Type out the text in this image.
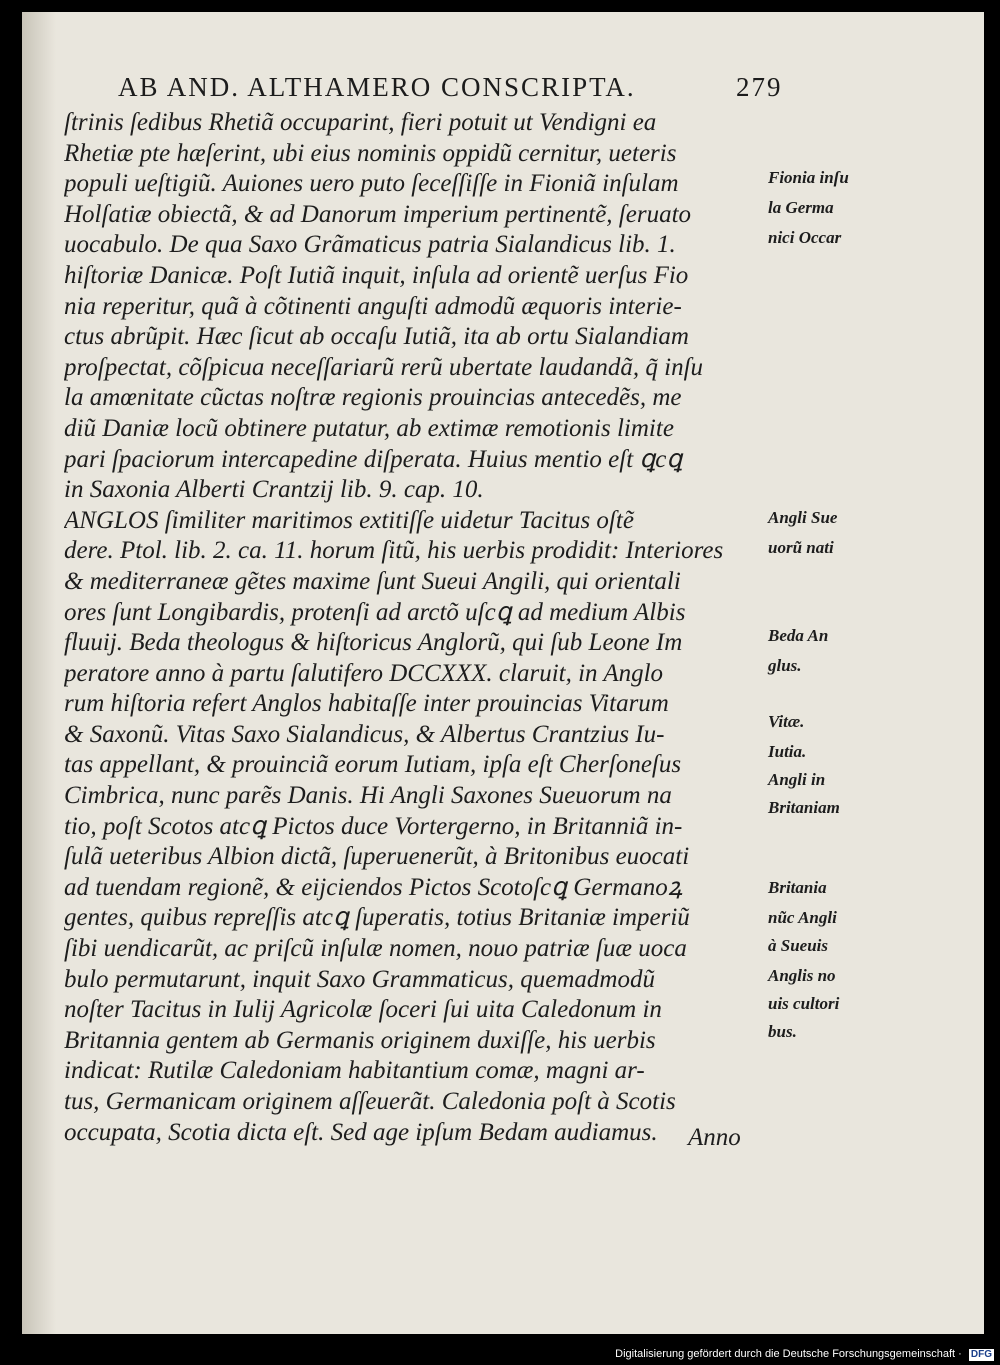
AB AND. ALTHAMERO CONSCRIPTA.	279
ſtrinis ſedibus Rhetiã occuparint, fieri potuit ut Vendigni ea
Rhetiæ pte hæſerint, ubi eius nominis oppidũ cernitur, ueteris
populi ueſtigiũ. Auiones uero puto ſeceſſiſſe in Fioniã inſulam
Holſatiæ obiectã, & ad Danorum imperium pertinentẽ, ſeruato
uocabulo. De qua Saxo Grãmaticus patria Sialandicus lib. 1.
hiſtoriæ Danicæ. Poſt Iutiã inquit, inſula ad orientẽ uerſus Fio
nia reperitur, quã à cõtinenti anguſti admodũ æquoris interie-
ctus abrũpit. Hæc ſicut ab occaſu Iutiã, ita ab ortu Sialandiam
proſpectat, cõſpicua neceſſariarũ rerũ ubertate laudandã, q̃ inſu
la amœnitate cũctas noſtræ regionis prouincias antecedẽs, me
diũ Daniæ locũ obtinere putatur, ab extimæ remotionis limite
pari ſpaciorum intercapedine diſperata. Huius mentio eſt ꝗcꝗ
in Saxonia Alberti Crantzij lib. 9. cap. 10.
ANGLOS ſimiliter maritimos extitiſſe uidetur Tacitus oſtẽ
dere. Ptol. lib. 2. ca. 11. horum ſitũ, his uerbis prodidit: Interiores
& mediterraneæ gẽtes maxime ſunt Sueui Angili, qui orientali
ores ſunt Longibardis, protenſi ad arctõ uſcꝗ ad medium Albis
fluuij. Beda theologus & hiſtoricus Anglorũ, qui ſub Leone Im
peratore anno à partu ſalutifero DCCXXX. claruit, in Anglo
rum hiſtoria refert Anglos habitaſſe inter prouincias Vitarum
& Saxonũ. Vitas Saxo Sialandicus, & Albertus Crantzius Iu-
tas appellant, & prouinciã eorum Iutiam, ipſa eſt Cherſoneſus
Cimbrica, nunc parẽs Danis. Hi Angli Saxones Sueuorum na
tio, poſt Scotos atcꝗ Pictos duce Vortergerno, in Britanniã in-
ſulã ueteribus Albion dictã, ſuperuenerũt, à Britonibus euocati
ad tuendam regionẽ, & eijciendos Pictos Scotoſcꝗ Germanoꝝ
gentes, quibus repreſſis atcꝗ ſuperatis, totius Britaniæ imperiũ
ſibi uendicarũt, ac priſcũ inſulæ nomen, nouo patriæ ſuæ uoca
bulo permutarunt, inquit Saxo Grammaticus, quemadmodũ
noſter Tacitus in Iulij Agricolæ ſoceri ſui uita Caledonum in
Britannia gentem ab Germanis originem duxiſſe, his uerbis
indicat: Rutilæ Caledoniam habitantium comæ, magni ar-
tus, Germanicam originem aſſeuerãt. Caledonia poſt à Scotis
occupata, Scotia dicta eſt. Sed age ipſum Bedam audiamus.
Fionia inſu
la Germa
nici Occar
Angli Sue
uorũ nati
Beda An
glus.
Vitæ.
Iutia.
Angli in
Britaniam
Britania
nũc Angli
à Sueuis
Anglis no
uis cultori
bus.
Anno
Digitalisierung gefördert durch die Deutsche Forschungsgemeinschaft · DFG
